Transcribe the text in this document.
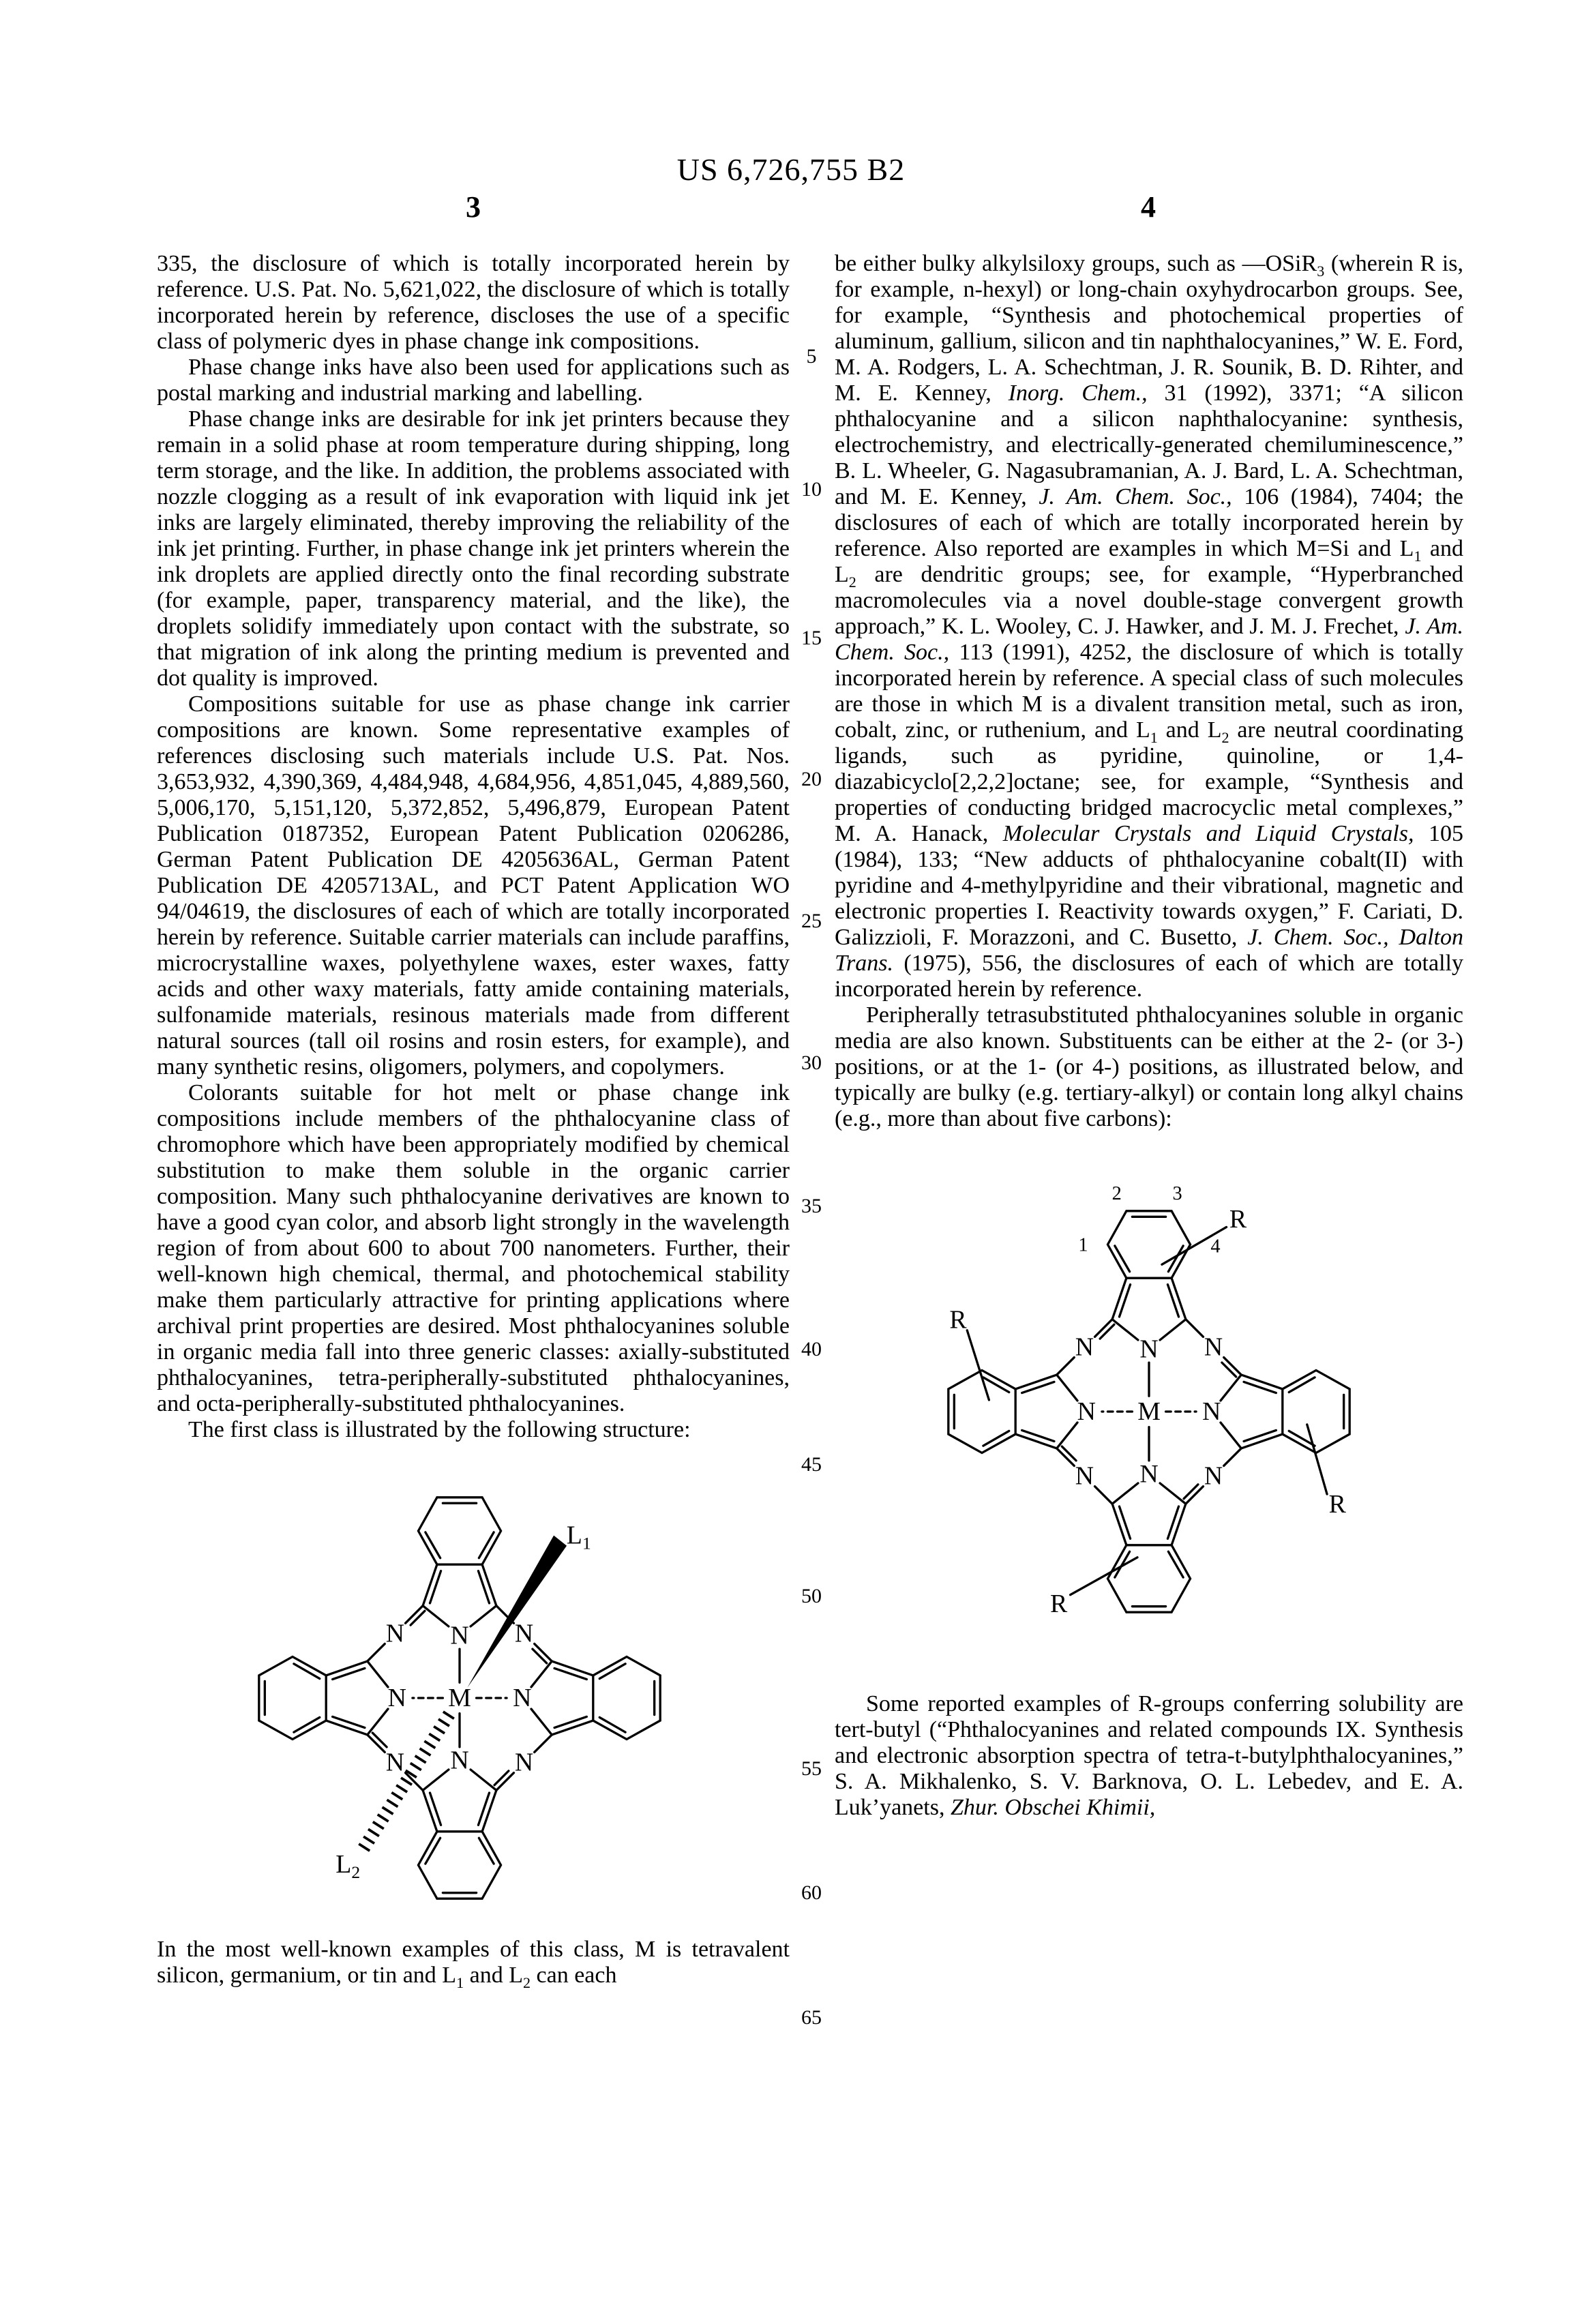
US 6,726,755 B2
3	4
5
10
15
20
25
30
35
40
45
50
55
60
65

335, the disclosure of which is totally incorporated herein by reference. U.S. Pat. No. 5,621,022, the disclosure of which is totally incorporated herein by reference, discloses the use of a specific class of polymeric dyes in phase change ink compositions.

Phase change inks have also been used for applications such as postal marking and industrial marking and labelling.

Phase change inks are desirable for ink jet printers because they remain in a solid phase at room temperature during shipping, long term storage, and the like. In addition, the problems associated with nozzle clogging as a result of ink evaporation with liquid ink jet inks are largely eliminated, thereby improving the reliability of the ink jet printing. Further, in phase change ink jet printers wherein the ink droplets are applied directly onto the final recording substrate (for example, paper, transparency material, and the like), the droplets solidify immediately upon contact with the substrate, so that migration of ink along the printing medium is prevented and dot quality is improved.

Compositions suitable for use as phase change ink carrier compositions are known. Some representative examples of references disclosing such materials include U.S. Pat. Nos. 3,653,932, 4,390,369, 4,484,948, 4,684,956, 4,851,045, 4,889,560, 5,006,170, 5,151,120, 5,372,852, 5,496,879, European Patent Publication 0187352, European Patent Publication 0206286, German Patent Publication DE 4205636AL, German Patent Publication DE 4205713AL, and PCT Patent Application WO 94/04619, the disclosures of each of which are totally incorporated herein by reference. Suitable carrier materials can include paraffins, microcrystalline waxes, polyethylene waxes, ester waxes, fatty acids and other waxy materials, fatty amide containing materials, sulfonamide materials, resinous materials made from different natural sources (tall oil rosins and rosin esters, for example), and many synthetic resins, oligomers, polymers, and copolymers.

Colorants suitable for hot melt or phase change ink compositions include members of the phthalocyanine class of chromophore which have been appropriately modified by chemical substitution to make them soluble in the organic carrier composition. Many such phthalocyanine derivatives are known to have a good cyan color, and absorb light strongly in the wavelength region of from about 600 to about 700 nanometers. Further, their well-known high chemical, thermal, and photochemical stability make them particularly attractive for printing applications where archival print properties are desired. Most phthalocyanines soluble in organic media fall into three generic classes: axially-substituted phthalocyanines, tetra-peripherally-substituted phthalocyanines, and octa-peripherally-substituted phthalocyanines.

The first class is illustrated by the following structure:

M
N
N
N	N
N	N
N	N
L 1
L 2

In the most well-known examples of this class, M is tetravalent silicon, germanium, or tin and $L_1$ and $L_2$ can each

be either bulky alkylsiloxy groups, such as —OSiR$_3$ (wherein R is, for example, n-hexyl) or long-chain oxyhydrocarbon groups. See, for example, “Synthesis and photochemical properties of aluminum, gallium, silicon and tin naphthalocyanines,” W. E. Ford, M. A. Rodgers, L. A. Schechtman, J. R. Sounik, B. D. Rihter, and M. E. Kenney, Inorg. Chem., 31 (1992), 3371; “A silicon phthalocyanine and a silicon naphthalocyanine: synthesis, electrochemistry, and electrically-generated chemiluminescence,” B. L. Wheeler, G. Nagasubramanian, A. J. Bard, L. A. Schechtman, and M. E. Kenney, J. Am. Chem. Soc., 106 (1984), 7404; the disclosures of each of which are totally incorporated herein by reference. Also reported are examples in which M=Si and $L_1$ and $L_2$ are dendritic groups; see, for example, “Hyperbranched macromolecules via a novel double-stage convergent growth approach,” K. L. Wooley, C. J. Hawker, and J. M. J. Frechet, J. Am. Chem. Soc., 113 (1991), 4252, the disclosure of which is totally incorporated herein by reference. A special class of such molecules are those in which M is a divalent transition metal, such as iron, cobalt, zinc, or ruthenium, and $L_1$ and $L_2$ are neutral coordinating ligands, such as pyridine, quinoline, or 1,4-diazabicyclo[2,2,2]octane; see, for example, “Synthesis and properties of conducting bridged macrocyclic metal complexes,” M. A. Hanack, Molecular Crystals and Liquid Crystals, 105 (1984), 133; “New adducts of phthalocyanine cobalt(II) with pyridine and 4-methylpyridine and their vibrational, magnetic and electronic properties I. Reactivity towards oxygen,” F. Cariati, D. Galizzioli, F. Morazzoni, and C. Busetto, J. Chem. Soc., Dalton Trans. (1975), 556, the disclosures of each of which are totally incorporated herein by reference.

Peripherally tetrasubstituted phthalocyanines soluble in organic media are also known. Substituents can be either at the 2- (or 3-) positions, or at the 1- (or 4-) positions, as illustrated below, and typically are bulky (e.g. tertiary-alkyl) or contain long alkyl chains (e.g., more than about five carbons):

M
N
N
N	N
N	N
N	N
R
R
R
R
2 3
1	4

Some reported examples of R-groups conferring solubility are tert-butyl (“Phthalocyanines and related compounds IX. Synthesis and electronic absorption spectra of tetra-t-butylphthalocyanines,” S. A. Mikhalenko, S. V. Barknova, O. L. Lebedev, and E. A. Luk’yanets, Zhur. Obschei Khimii,
